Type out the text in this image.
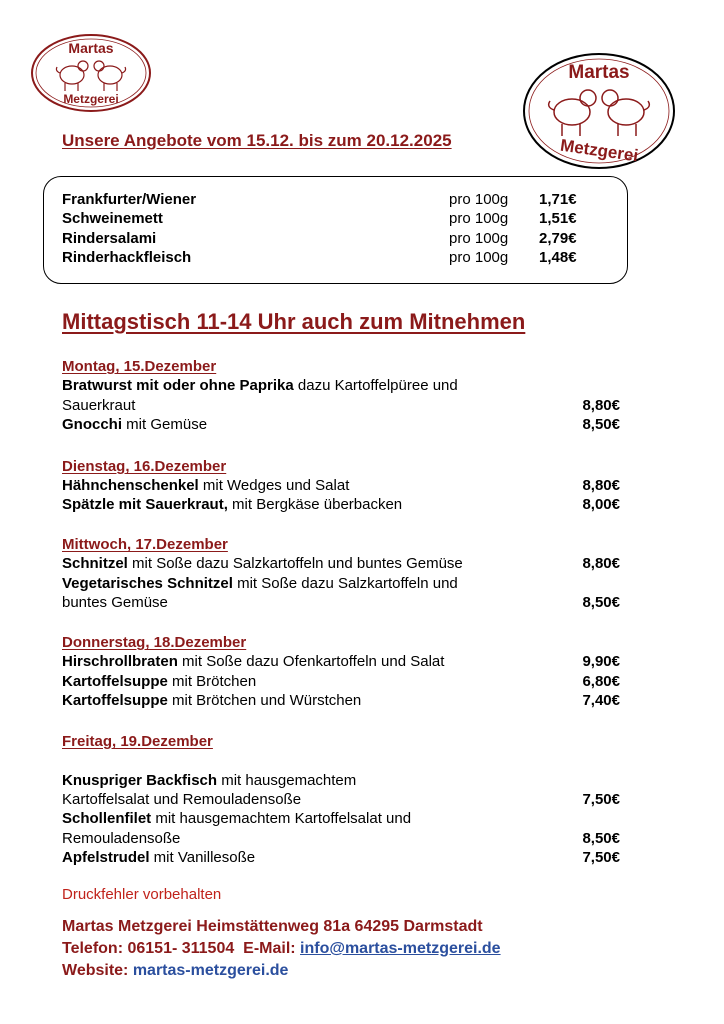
Martas
Metzgerei
Martas
Metzgerei
Unsere Angebote vom 15.12. bis zum 20.12.2025
Frankfurter/Wiener	pro 100g 1,71€
Schweinemett	pro 100g 1,51€
Rindersalami	pro 100g 2,79€
Rinderhackfleisch	pro 100g 1,48€
Mittagstisch 11-14 Uhr auch zum Mitnehmen
Montag, 15.Dezember
Bratwurst mit oder ohne Paprika dazu Kartoffelpüree und
Sauerkraut	8,80€
Gnocchi mit Gemüse	8,50€
Dienstag, 16.Dezember
Hähnchenschenkel mit Wedges und Salat	8,80€
Spätzle mit Sauerkraut, mit Bergkäse überbacken	8,00€
Mittwoch, 17.Dezember
Schnitzel mit Soße dazu Salzkartoffeln und buntes Gemüse	8,80€
Vegetarisches Schnitzel mit Soße dazu Salzkartoffeln und
buntes Gemüse	8,50€
Donnerstag, 18.Dezember
Hirschrollbraten mit Soße dazu Ofenkartoffeln und Salat	9,90€
Kartoffelsuppe mit Brötchen	6,80€
Kartoffelsuppe mit Brötchen und Würstchen	7,40€
Freitag, 19.Dezember
Knuspriger Backfisch mit hausgemachtem
Kartoffelsalat und Remouladensoße	7,50€
Schollenfilet mit hausgemachtem Kartoffelsalat und
Remouladensoße	8,50€
Apfelstrudel mit Vanillesoße	7,50€
Druckfehler vorbehalten
Martas Metzgerei Heimstättenweg 81a 64295 Darmstadt
Telefon: 06151- 311504  E-Mail: info@martas-metzgerei.de
Website: martas-metzgerei.de
